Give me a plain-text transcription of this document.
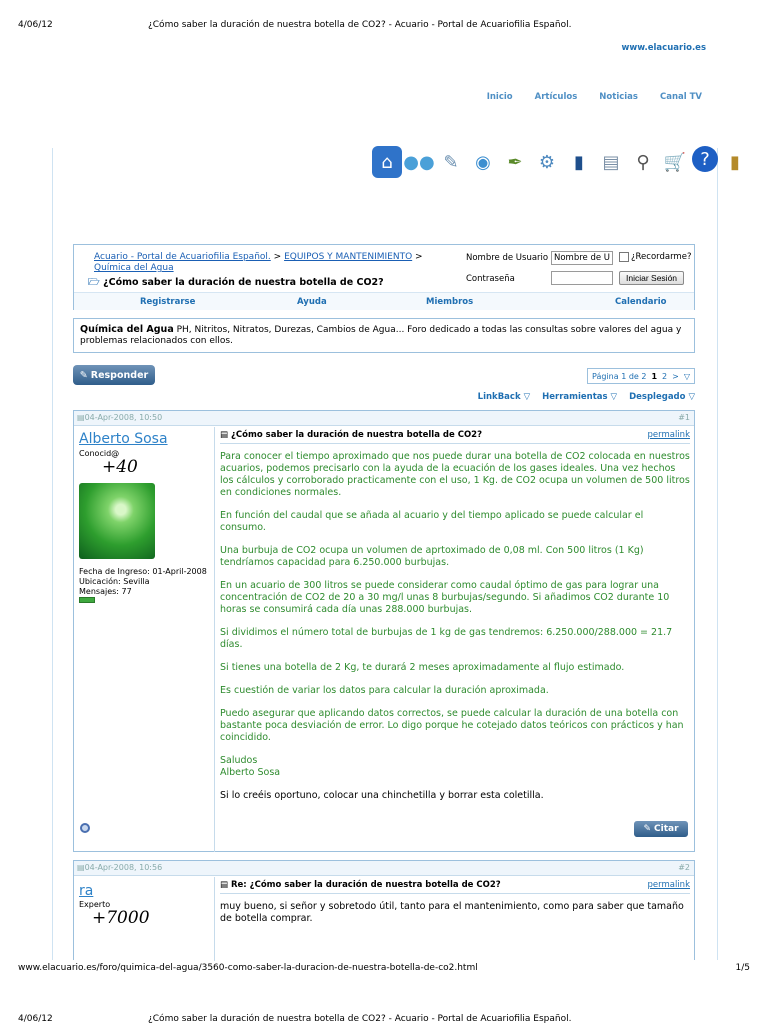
4/06/12	¿Cómo saber la duración de nuestra botella de CO2? - Acuario - Portal de Acuariofilia Español.
www.elacuario.es
Inicio	Artículos	Noticias	Canal TV
⌂ ●● ✎ ◉ ✒ ⚙	▮	▤ ⚲ 🛒 ?	▮
Acuario - Portal de Acuariofilia Español. > EQUIPOS Y MANTENIMIENTO > Química del Agua
🗁 ¿Cómo saber la duración de nuestra botella de CO2?
Nombre de Usuario
Nombre de Us	¿Recordarme?
Contraseña	Iniciar Sesión
Registrarse	Ayuda	Miembros	Calendario
Química del Agua PH, Nitritos, Nitratos, Durezas, Cambios de Agua... Foro dedicado a todas las consultas sobre valores del agua y problemas relacionados con ellos.
✎ Responder	Página 1 de 2 1 2 > ▽
LinkBack ▽ Herramientas ▽ Desplegado ▽
▤04-Apr-2008, 10:50	#1
Alberto Sosa
Conocid@
+40
Fecha de Ingreso: 01-April-2008
Ubicación: Sevilla
Mensajes: 77
▤ ¿Cómo saber la duración de nuestra botella de CO2?	permalink

Para conocer el tiempo aproximado que nos puede durar una botella de CO2 colocada en nuestros acuarios, podemos precisarlo con la ayuda de la ecuación de los gases ideales. Una vez hechos los cálculos y corroborado practicamente con el uso, 1 Kg. de CO2 ocupa un volumen de 500 litros en condiciones normales.

En función del caudal que se añada al acuario y del tiempo aplicado se puede calcular el consumo.

Una burbuja de CO2 ocupa un volumen de aprtoximado de 0,08 ml. Con 500 litros (1 Kg) tendríamos capacidad para 6.250.000 burbujas.

En un acuario de 300 litros se puede considerar como caudal óptimo de gas para lograr una concentración de CO2 de 20 a 30 mg/l unas 8 burbujas/segundo. Si añadimos CO2 durante 10 horas se consumirá cada día unas 288.000 burbujas.

Si dividimos el número total de burbujas de 1 kg de gas tendremos: 6.250.000/288.000 = 21.7 días.

Si tienes una botella de 2 Kg, te durará 2 meses aproximadamente al flujo estimado.

Es cuestión de variar los datos para calcular la duración aproximada.

Puedo asegurar que aplicando datos correctos, se puede calcular la duración de una botella con bastante poca desviación de error. Lo digo porque he cotejado datos teóricos con prácticos y han coincidido.

Saludos
Alberto Sosa

Si lo creéis oportuno, colocar una chinchetilla y borrar esta coletilla.

✎ Citar
▤04-Apr-2008, 10:56	#2
ra
Experto
+7000
▤ Re: ¿Cómo saber la duración de nuestra botella de CO2?	permalink
muy bueno, si señor y sobretodo útil, tanto para el mantenimiento, como para saber que tamaño de botella comprar.
www.elacuario.es/foro/quimica-del-agua/3560-como-saber-la-duracion-de-nuestra-botella-de-co2.html	1/5
4/06/12	¿Cómo saber la duración de nuestra botella de CO2? - Acuario - Portal de Acuariofilia Español.
